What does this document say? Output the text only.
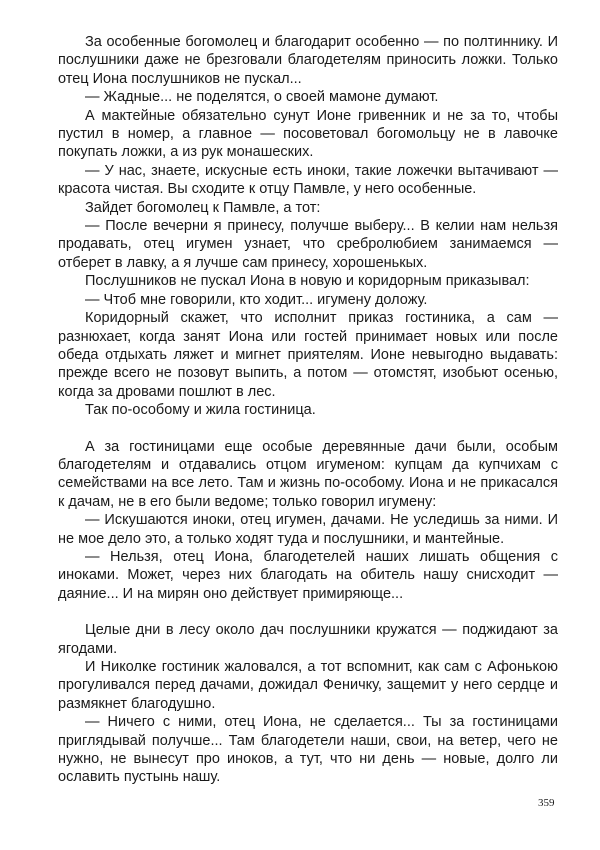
За особенные богомолец и благодарит особенно — по полтиннику. И послушники даже не брезговали благодетелям приносить ложки. Только отец Иона послушников не пускал...

— Жадные... не поделятся, о своей мамоне думают.

А мактейные обязательно сунут Ионе гривенник и не за то, чтобы пустил в номер, а главное — посоветовал богомольцу не в лавочке покупать ложки, а из рук монашеских.

— У нас, знаете, искусные есть иноки, такие ложечки вытачивают — красота чистая. Вы сходите к отцу Памвле, у него особенные.

Зайдет богомолец к Памвле, а тот:

— После вечерни я принесу, получше выберу... В келии нам нельзя продавать, отец игумен узнает, что сребролюбием занимаемся — отберет в лавку, а я лучше сам принесу, хорошенькых.

Послушников не пускал Иона в новую и коридорным приказывал:

— Чтоб мне говорили, кто ходит... игумену доложу.

Коридорный скажет, что исполнит приказ гостиника, а сам — разнюхает, когда занят Иона или гостей принимает новых или после обеда отдыхать ляжет и мигнет приятелям. Ионе невыгодно выдавать: прежде всего не позовут выпить, а потом — отомстят, изобьют осенью, когда за дровами пошлют в лес.

Так по-особому и жила гостиница.

А за гостиницами еще особые деревянные дачи были, особым благодетелям и отдавались отцом игуменом: купцам да купчихам с семействами на все лето. Там и жизнь по-особому. Иона и не прикасался к дачам, не в его были ведоме; только говорил игумену:

— Искушаются иноки, отец игумен, дачами. Не уследишь за ними. И не мое дело это, а только ходят туда и послушники, и мантейные.

— Нельзя, отец Иона, благодетелей наших лишать общения с иноками. Может, через них благодать на обитель нашу снисходит — даяние... И на мирян оно действует примиряюще...

Целые дни в лесу около дач послушники кружатся — поджидают за ягодами.

И Николке гостиник жаловался, а тот вспомнит, как сам с Афонькою прогуливался перед дачами, дожидал Феничку, защемит у него сердце и размякнет благодушно.

— Ничего с ними, отец Иона, не сделается... Ты за гостиницами приглядывай получше... Там благодетели наши, свои, на ветер, чего не нужно, не вынесут про иноков, а тут, что ни день — новые, долго ли ославить пустынь нашу.

359
